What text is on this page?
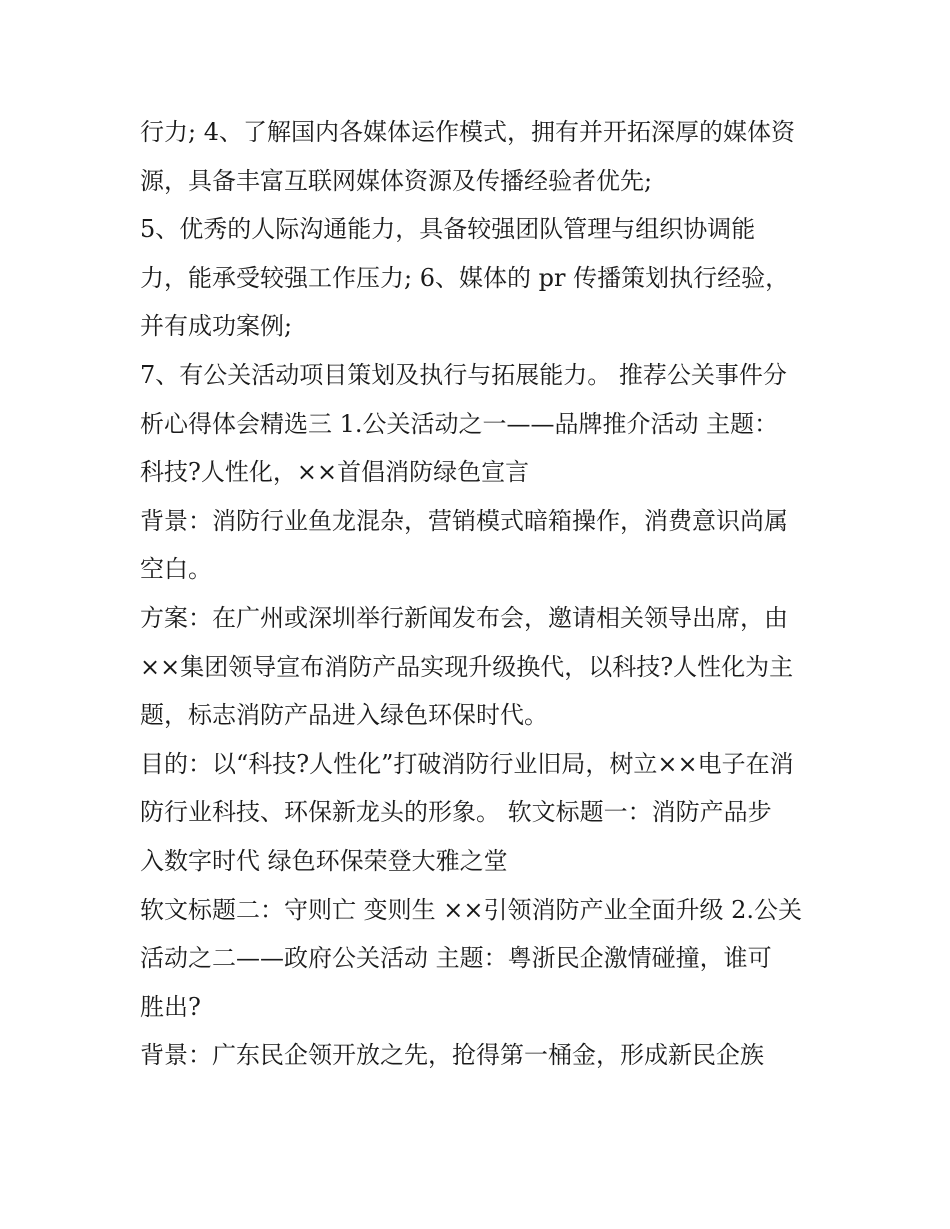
行力; 4、了解国内各媒体运作模式，拥有并开拓深厚的媒体资
源，具备丰富互联网媒体资源及传播经验者优先;
5、优秀的人际沟通能力，具备较强团队管理与组织协调能
力，能承受较强工作压力; 6、媒体的 pr 传播策划执行经验，
并有成功案例;
7、有公关活动项目策划及执行与拓展能力。 推荐公关事件分
析心得体会精选三 1.公关活动之一——品牌推介活动 主题：
科技?人性化，××首倡消防绿色宣言
背景：消防行业鱼龙混杂，营销模式暗箱操作，消费意识尚属
空白。
方案：在广州或深圳举行新闻发布会，邀请相关领导出席，由
××集团领导宣布消防产品实现升级换代，以科技?人性化为主
题，标志消防产品进入绿色环保时代。
目的：以“科技?人性化”打破消防行业旧局，树立××电子在消
防行业科技、环保新龙头的形象。 软文标题一：消防产品步
入数字时代 绿色环保荣登大雅之堂
软文标题二：守则亡 变则生 ××引领消防产业全面升级 2.公关
活动之二——政府公关活动 主题：粤浙民企激情碰撞，谁可
胜出?
背景：广东民企领开放之先，抢得第一桶金，形成新民企族
